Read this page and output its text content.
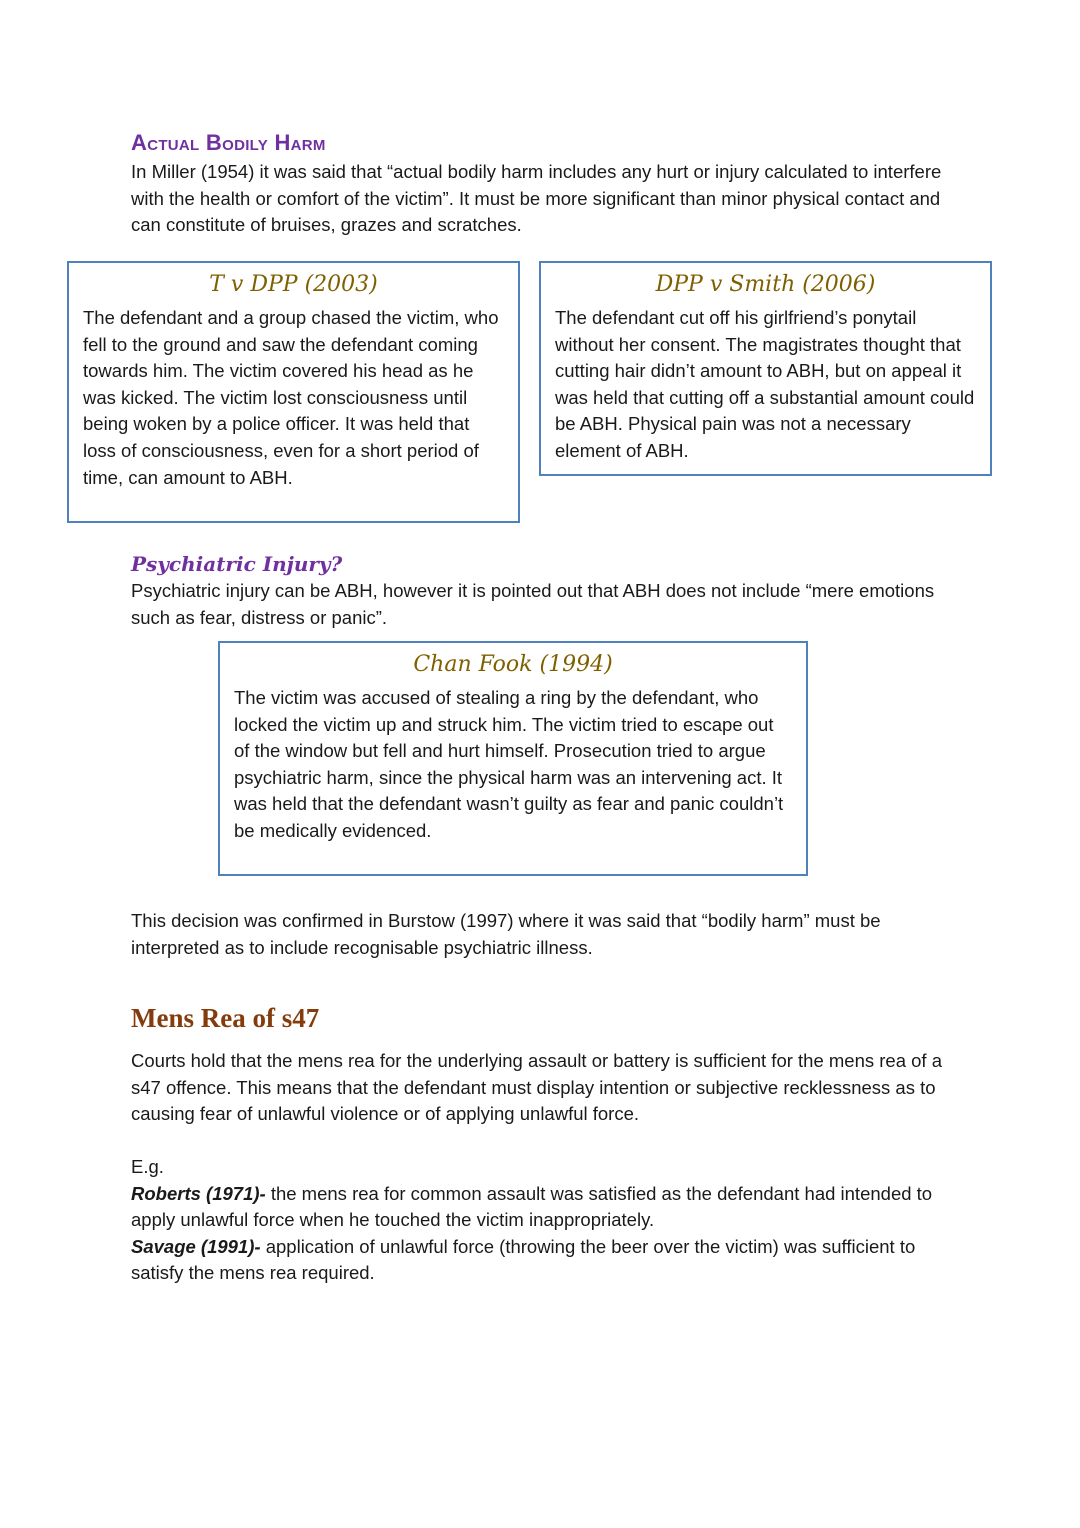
Actual Bodily Harm

In Miller (1954) it was said that “actual bodily harm includes any hurt or injury calculated to interfere with the health or comfort of the victim”. It must be more significant than minor physical contact and can constitute of bruises, grazes and scratches.

T v DPP (2003)

The defendant and a group chased the victim, who fell to the ground and saw the defendant coming towards him. The victim covered his head as he was kicked. The victim lost consciousness until being woken by a police officer. It was held that loss of consciousness, even for a short period of time, can amount to ABH.

DPP v Smith (2006)

The defendant cut off his girlfriend’s ponytail without her consent. The magistrates thought that cutting hair didn’t amount to ABH, but on appeal it was held that cutting off a substantial amount could be ABH. Physical pain was not a necessary element of ABH.

Psychiatric Injury?

Psychiatric injury can be ABH, however it is pointed out that ABH does not include “mere emotions such as fear, distress or panic”.

Chan Fook (1994)

The victim was accused of stealing a ring by the defendant, who locked the victim up and struck him. The victim tried to escape out of the window but fell and hurt himself. Prosecution tried to argue psychiatric harm, since the physical harm was an intervening act. It was held that the defendant wasn’t guilty as fear and panic couldn’t be medically evidenced.

This decision was confirmed in Burstow (1997) where it was said that “bodily harm” must be interpreted as to include recognisable psychiatric illness.

Mens Rea of s47

Courts hold that the mens rea for the underlying assault or battery is sufficient for the mens rea of a s47 offence. This means that the defendant must display intention or subjective recklessness as to causing fear of unlawful violence or of applying unlawful force.

E.g.

Roberts (1971)- the mens rea for common assault was satisfied as the defendant had intended to apply unlawful force when he touched the victim inappropriately.

Savage (1991)- application of unlawful force (throwing the beer over the victim) was sufficient to satisfy the mens rea required.
